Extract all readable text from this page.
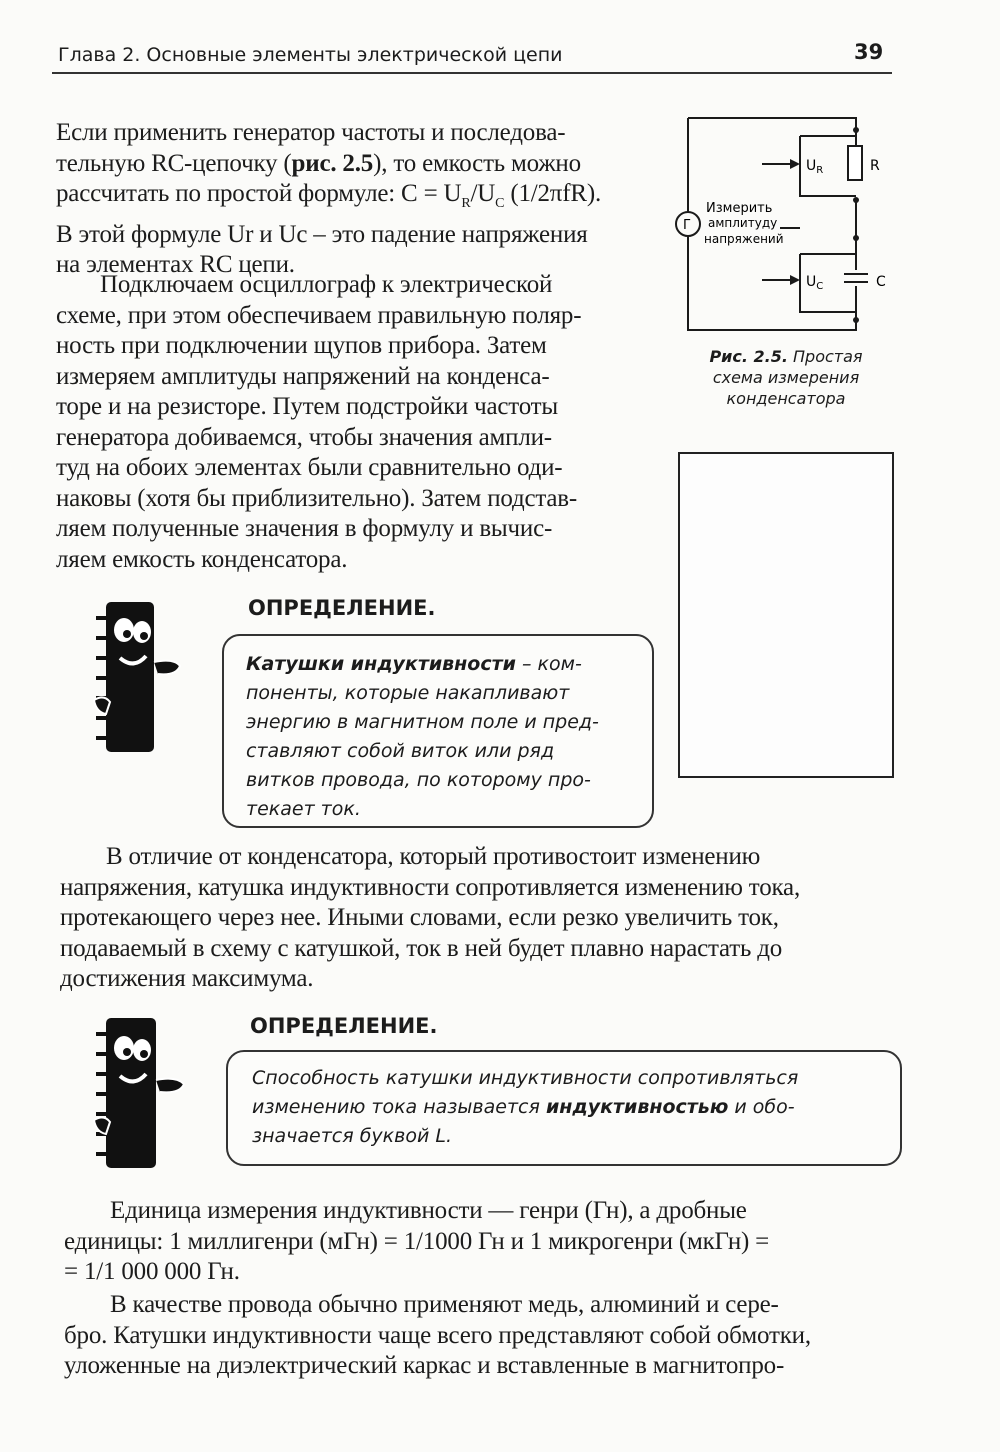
Глава 2. Основные элементы электрической цепи	39
Если применить генератор частоты и последова-
тельную RC-цепочку (рис. 2.5), то емкость можно
рассчитать по простой формуле: $C = U_R/U_C$ (1/2πfR).
В этой формуле Ur и Uc – это падение напряжения
на элементах RC цепи.
Подключаем осциллограф к электрической
схеме, при этом обеспечиваем правильную поляр-
ность при подключении щупов прибора. Затем
измеряем амплитуды напряжений на конденса-
торе и на резисторе. Путем подстройки частоты
генератора добиваемся, чтобы значения ампли-
туд на обоих элементах были сравнительно оди-
наковы (хотя бы приблизительно). Затем подстав-
ляем полученные значения в формулу и вычис-
ляем емкость конденсатора.
Г
$U_R$	R
$U_C$	C
Измерить
амплитуду
напряжений
Рис. 2.5. Простая
схема измерения
конденсатора
ОПРЕДЕЛЕНИЕ.
Катушки индуктивности – ком-
поненты, которые накапливают
энергию в магнитном поле и пред-
ставляют собой виток или ряд
витков провода, по которому про-
текает ток.
В отличие от конденсатора, который противостоит изменению
напряжения, катушка индуктивности сопротивляется изменению тока,
протекающего через нее. Иными словами, если резко увеличить ток,
подаваемый в схему с катушкой, ток в ней будет плавно нарастать до
достижения максимума.
ОПРЕДЕЛЕНИЕ.
Способность катушки индуктивности сопротивляться
изменению тока называется индуктивностью и обо-
значается буквой L.
Единица измерения индуктивности — генри (Гн), а дробные
единицы: 1 миллигенри (мГн) = 1/1000 Гн и 1 микрогенри (мкГн) =
= 1/1 000 000 Гн.
В качестве провода обычно применяют медь, алюминий и сере-
бро. Катушки индуктивности чаще всего представляют собой обмотки,
уложенные на диэлектрический каркас и вставленные в магнитопро-
